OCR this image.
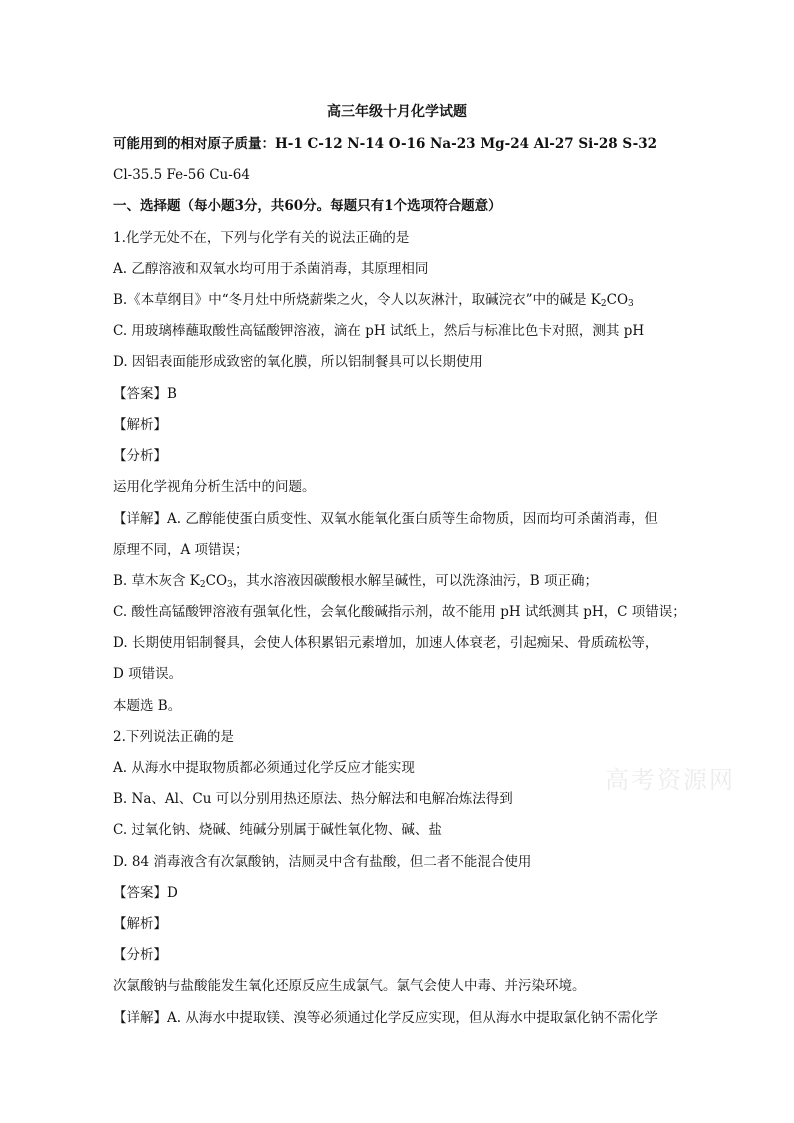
高考资源网
高三年级十月化学试题
可能用到的相对原子质量：H-1 C-12 N-14 O-16 Na-23 Mg-24 Al-27 Si-28 S-32
Cl-35.5 Fe-56 Cu-64
一、选择题（每小题3分，共60分。每题只有1个选项符合题意）
1.化学无处不在，下列与化学有关的说法正确的是
A. 乙醇溶液和双氧水均可用于杀菌消毒，其原理相同
B.《本草纲目》中“冬月灶中所烧薪柴之火，令人以灰淋汁，取碱浣衣”中的碱是 $K_2CO_3$
C. 用玻璃棒蘸取酸性高锰酸钾溶液，滴在 pH 试纸上，然后与标准比色卡对照，测其 pH
D. 因铝表面能形成致密的氧化膜，所以铝制餐具可以长期使用
【答案】B
【解析】
【分析】
运用化学视角分析生活中的问题。
【详解】A. 乙醇能使蛋白质变性、双氧水能氧化蛋白质等生命物质，因而均可杀菌消毒，但
原理不同，A 项错误；
B. 草木灰含 $K_2CO_3$，其水溶液因碳酸根水解呈碱性，可以洗涤油污，B 项正确；
C. 酸性高锰酸钾溶液有强氧化性，会氧化酸碱指示剂，故不能用 pH 试纸测其 pH，C 项错误；
D. 长期使用铝制餐具，会使人体积累铝元素增加，加速人体衰老，引起痴呆、骨质疏松等，
D 项错误。
本题选 B。
2.下列说法正确的是
A. 从海水中提取物质都必须通过化学反应才能实现
B. Na、Al、Cu 可以分别用热还原法、热分解法和电解冶炼法得到
C. 过氧化钠、烧碱、纯碱分别属于碱性氧化物、碱、盐
D. 84 消毒液含有次氯酸钠，洁厕灵中含有盐酸，但二者不能混合使用
【答案】D
【解析】
【分析】
次氯酸钠与盐酸能发生氧化还原反应生成氯气。氯气会使人中毒、并污染环境。
【详解】A. 从海水中提取镁、溴等必须通过化学反应实现，但从海水中提取氯化钠不需化学
